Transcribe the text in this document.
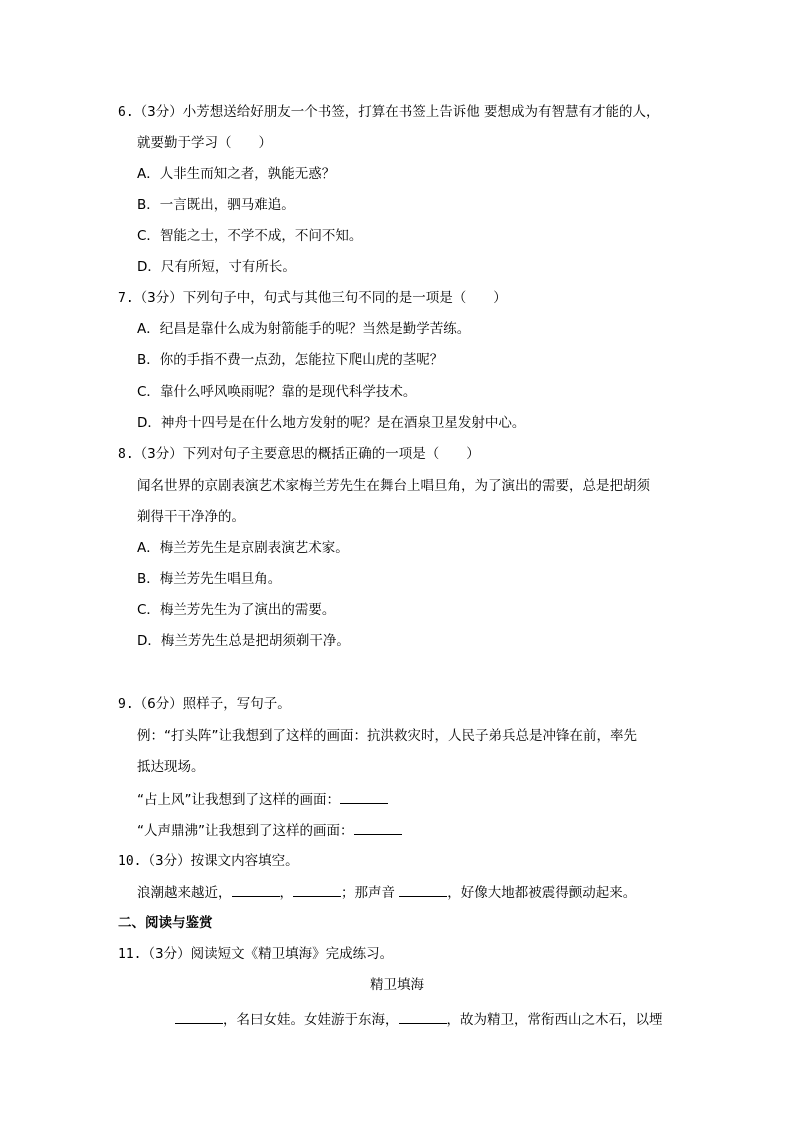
6.（3分）小芳想送给好朋友一个书签，打算在书签上告诉他 要想成为有智慧有才能的人，
就要勤于学习（　　）
A．人非生而知之者，孰能无惑？
B．一言既出，驷马难追。
C．智能之士，不学不成，不问不知。
D．尺有所短，寸有所长。
7.（3分）下列句子中，句式与其他三句不同的是一项是（　　）
A．纪昌是靠什么成为射箭能手的呢？当然是勤学苦练。
B．你的手指不费一点劲，怎能拉下爬山虎的茎呢？
C．靠什么呼风唤雨呢？靠的是现代科学技术。
D．神舟十四号是在什么地方发射的呢？是在酒泉卫星发射中心。
8.（3分）下列对句子主要意思的概括正确的一项是（　　）
闻名世界的京剧表演艺术家梅兰芳先生在舞台上唱旦角，为了演出的需要，总是把胡须
剃得干干净净的。
A．梅兰芳先生是京剧表演艺术家。
B．梅兰芳先生唱旦角。
C．梅兰芳先生为了演出的需要。
D．梅兰芳先生总是把胡须剃干净。
9.（6分）照样子，写句子。
例：“打头阵”让我想到了这样的画面：抗洪救灾时，人民子弟兵总是冲锋在前，率先
抵达现场。
“占上风”让我想到了这样的画面：
“人声鼎沸”让我想到了这样的画面：
10.（3分）按课文内容填空。
浪潮越来越近，	，	；那声音	，好像大地都被震得颤动起来。
二、阅读与鉴赏
11.（3分）阅读短文《精卫填海》完成练习。
精卫填海
，名曰女娃。女娃游于东海，	，故为精卫，常衔西山之木石，以堙
